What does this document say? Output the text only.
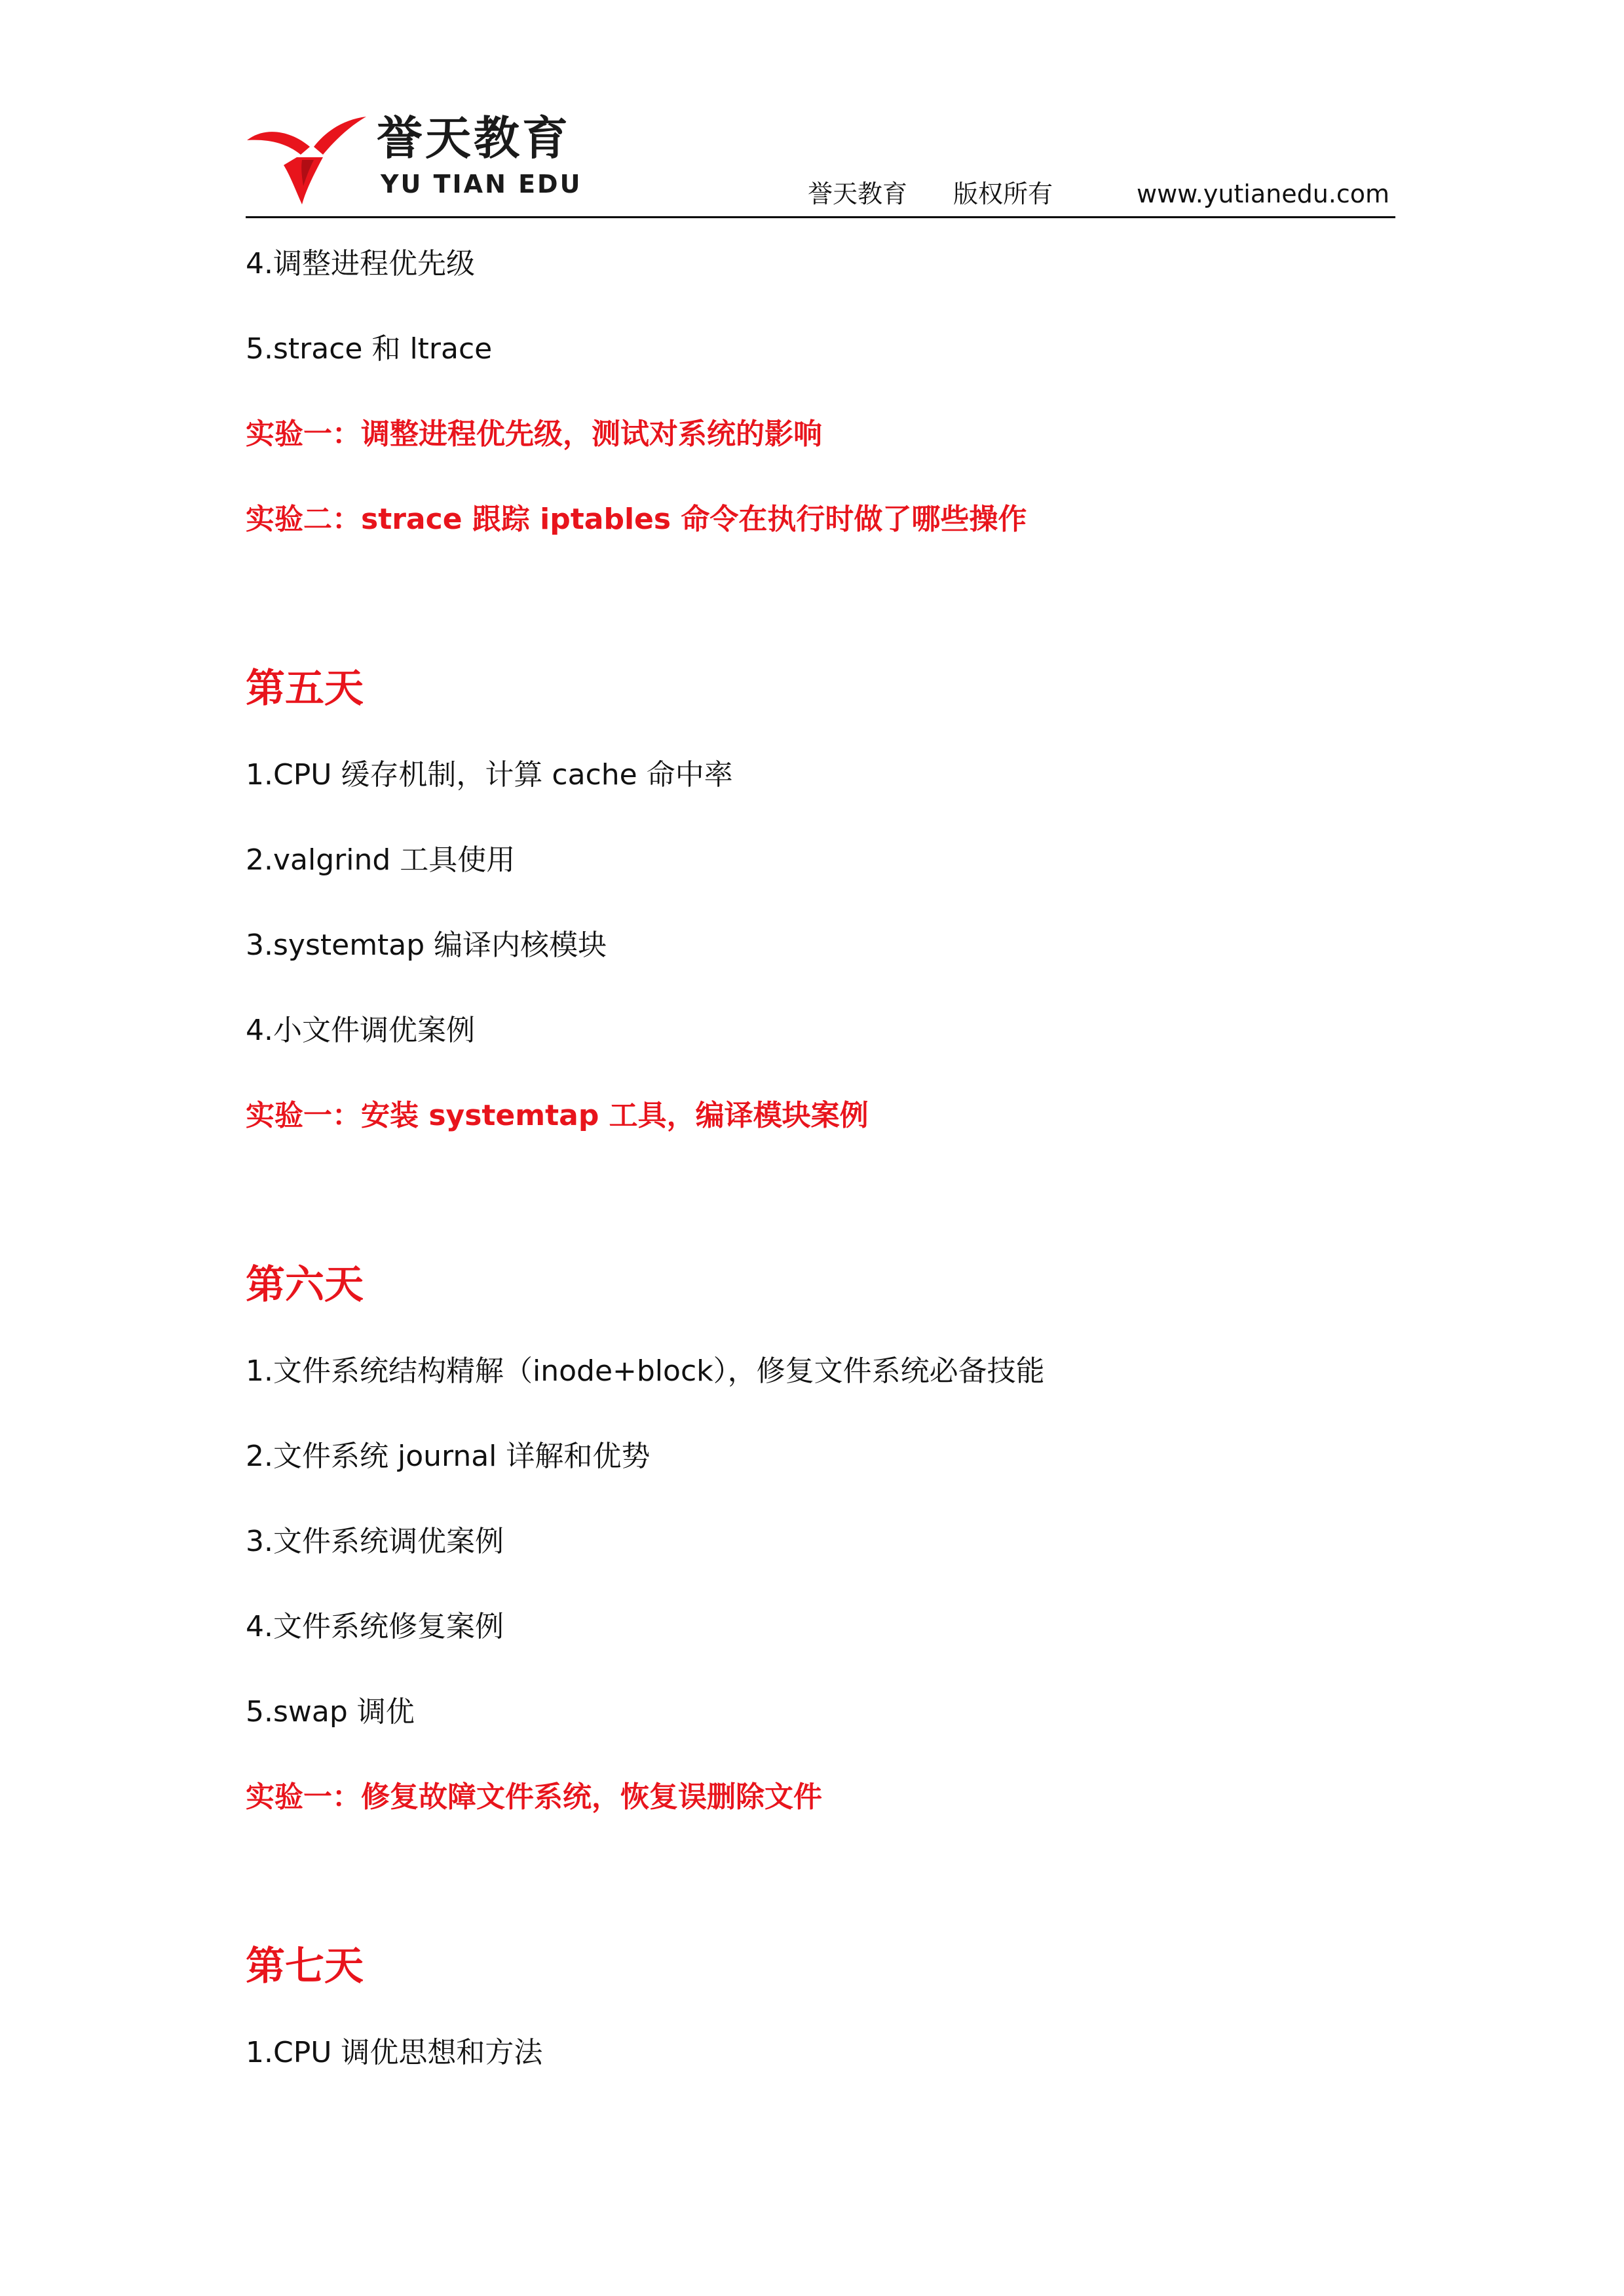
誉天教育
YU TIAN EDU	誉天教育 版权所有	www.yutianedu.com
4.调整进程优先级
5.strace 和 ltrace
实验一：调整进程优先级，测试对系统的影响
实验二：strace 跟踪 iptables 命令在执行时做了哪些操作
第五天
1.CPU 缓存机制，计算 cache 命中率
2.valgrind 工具使用
3.systemtap 编译内核模块
4.小文件调优案例
实验一：安装 systemtap 工具，编译模块案例
第六天
1.文件系统结构精解（inode+block），修复文件系统必备技能
2.文件系统 journal 详解和优势
3.文件系统调优案例
4.文件系统修复案例
5.swap 调优
实验一：修复故障文件系统，恢复误删除文件
第七天
1.CPU 调优思想和方法
